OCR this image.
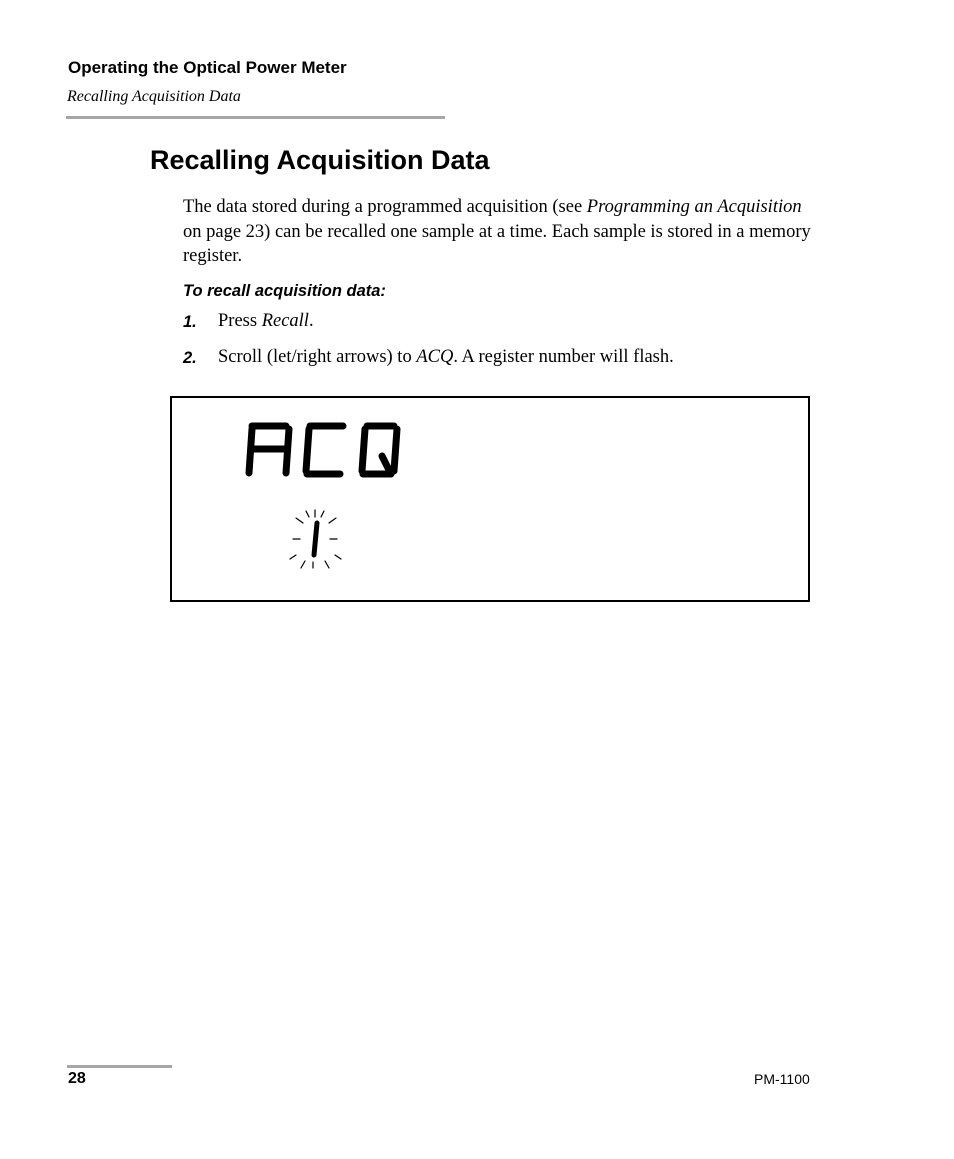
Operating the Optical Power Meter
Recalling Acquisition Data
Recalling Acquisition Data
The data stored during a programmed acquisition (see Programming an Acquisition on page 23) can be recalled one sample at a time. Each sample is stored in a memory register.
To recall acquisition data:
1. Press Recall.
2. Scroll (let/right arrows) to ACQ. A register number will flash.
28	PM-1100
